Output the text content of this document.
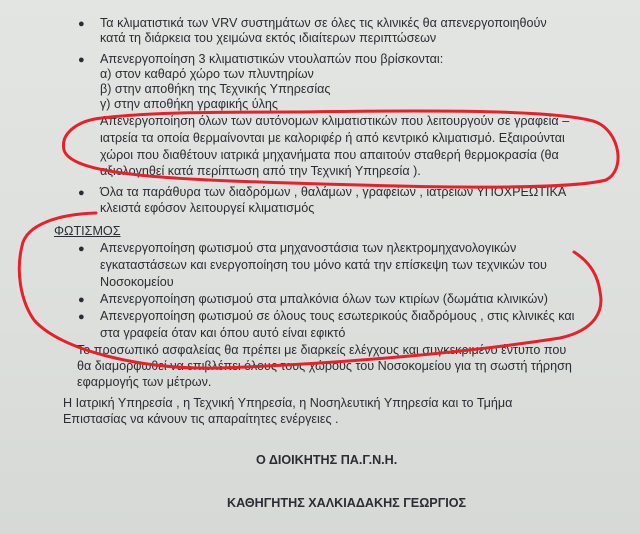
● Τα κλιματιστικά των VRV συστημάτων σε όλες τις κλινικές θα απενεργοποιηθούν
κατά τη διάρκεια του χειμώνα εκτός ιδιαίτερων περιπτώσεων
● Απενεργοποίηση 3 κλιματιστικών ντουλαπών που βρίσκονται:
α) στον καθαρό χώρο των πλυντηρίων
β) στην αποθήκη της Τεχνικής Υπηρεσίας
γ) στην αποθήκη γραφικής ύλης
Απενεργοποίηση όλων των αυτόνομων κλιματιστικών που λειτουργούν σε γραφεία –
ιατρεία τα οποία θερμαίνονται με καλοριφέρ ή από κεντρικό κλιματισμό. Εξαιρούνται
χώροι που διαθέτουν ιατρικά μηχανήματα που απαιτούν σταθερή θερμοκρασία (θα
αξιολογηθεί κατά περίπτωση από την Τεχνική Υπηρεσία ).
● Όλα τα παράθυρα των διαδρόμων , θαλάμων , γραφείων , ιατρείων ΥΠΟΧΡΕΩΤΙΚΑ
κλειστά εφόσον λειτουργεί κλιματισμός
ΦΩΤΙΣΜΟΣ
● Απενεργοποίηση φωτισμού στα μηχανοστάσια των ηλεκτρομηχανολογικών
εγκαταστάσεων και ενεργοποίηση του μόνο κατά την επίσκεψη των τεχνικών του
Νοσοκομείου
● Απενεργοποίηση φωτισμού στα μπαλκόνια όλων των κτιρίων (δωμάτια κλινικών)
● Απενεργοποίηση φωτισμού σε όλους τους εσωτερικούς διαδρόμους , στις κλινικές και
στα γραφεία όταν και όπου αυτό είναι εφικτό
Το προσωπικό ασφαλείας θα πρέπει με διαρκείς ελέγχους και συγκεκριμένο έντυπο που
θα διαμορφωθεί να επιβλέπει όλους τους χώρους του Νοσοκομείου για τη σωστή τήρηση
εφαρμογής των μέτρων.
Η Ιατρική Υπηρεσία , η Τεχνική Υπηρεσία, η Νοσηλευτική Υπηρεσία και το Τμήμα
Επιστασίας να κάνουν τις απαραίτητες ενέργειες .
Ο ΔΙΟΙΚΗΤΗΣ ΠΑ.Γ.Ν.Η.
ΚΑΘΗΓΗΤΗΣ ΧΑΛΚΙΑΔΑΚΗΣ ΓΕΩΡΓΙΟΣ
